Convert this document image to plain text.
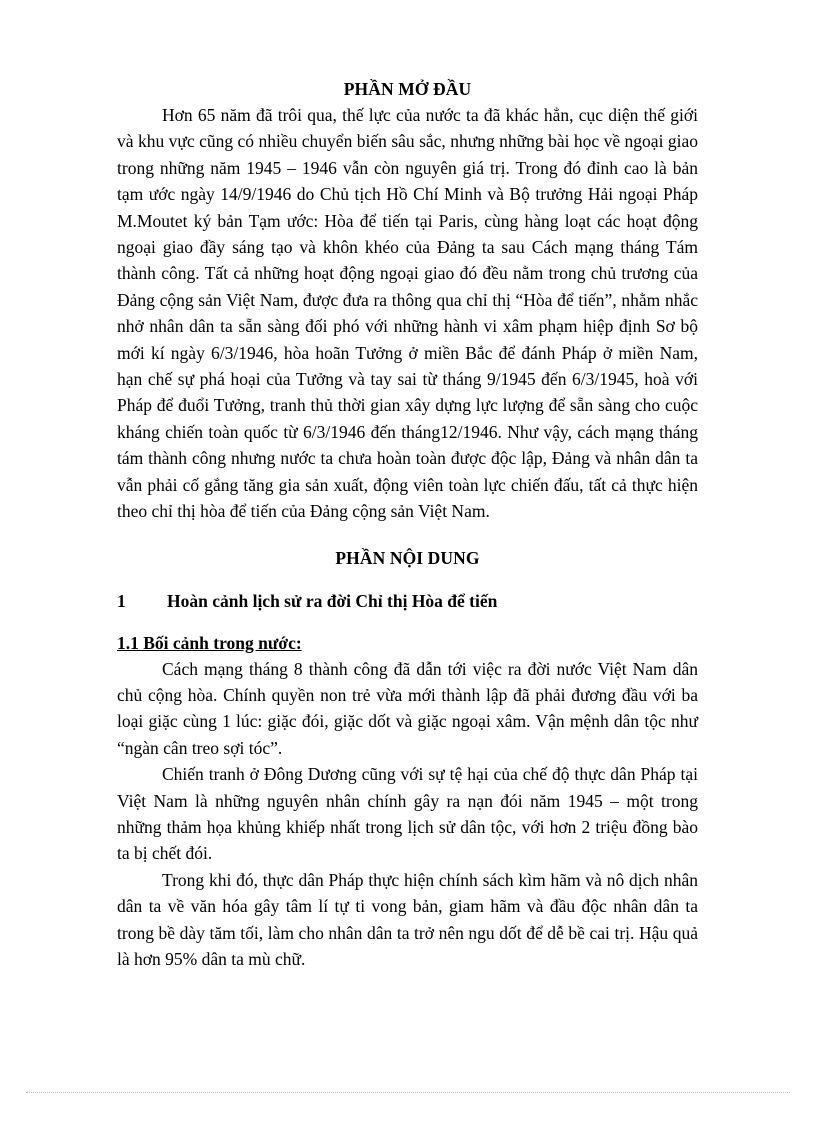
PHẦN MỞ ĐẦU

Hơn 65 năm đã trôi qua, thế lực của nước ta đã khác hẳn, cục diện thế giới và khu vực cũng có nhiều chuyển biến sâu sắc, nhưng những bài học về ngoại giao trong những năm 1945 – 1946 vẫn còn nguyên giá trị. Trong đó đỉnh cao là bản tạm ước ngày 14/9/1946 do Chủ tịch Hồ Chí Minh và Bộ trưởng Hải ngoại Pháp M.Moutet ký bản Tạm ước: Hòa để tiến tại Paris, cùng hàng loạt các hoạt động ngoại giao đầy sáng tạo và khôn khéo của Đảng ta sau Cách mạng tháng Tám thành công. Tất cả những hoạt động ngoại giao đó đều nằm trong chủ trương của Đảng cộng sản Việt Nam, được đưa ra thông qua chỉ thị “Hòa để tiến”, nhằm nhắc nhở nhân dân ta sẵn sàng đối phó với những hành vi xâm phạm hiệp định Sơ bộ mới kí ngày 6/3/1946, hòa hoãn Tưởng ở miền Bắc để đánh Pháp ở miền Nam, hạn chế sự phá hoại của Tưởng và tay sai từ tháng 9/1945 đến 6/3/1945, hoà với Pháp để đuổi Tưởng, tranh thủ thời gian xây dựng lực lượng để sẵn sàng cho cuộc kháng chiến toàn quốc từ 6/3/1946 đến tháng12/1946. Như vậy, cách mạng tháng tám thành công nhưng nước ta chưa hoàn toàn được độc lập, Đảng và nhân dân ta vẫn phải cố gắng tăng gia sản xuất, động viên toàn lực chiến đấu, tất cả thực hiện theo chỉ thị hòa để tiến của Đảng cộng sản Việt Nam.

PHẦN NỘI DUNG
1	Hoàn cảnh lịch sử ra đời Chỉ thị Hòa để tiến
1.1 Bối cảnh trong nước:

Cách mạng tháng 8 thành công đã dẫn tới việc ra đời nước Việt Nam dân chủ cộng hòa. Chính quyền non trẻ vừa mới thành lập đã phải đương đầu với ba loại giặc cùng 1 lúc: giặc đói, giặc dốt và giặc ngoại xâm. Vận mệnh dân tộc như “ngàn cân treo sợi tóc”.

Chiến tranh ở Đông Dương cũng với sự tệ hại của chế độ thực dân Pháp tại Việt Nam là những nguyên nhân chính gây ra nạn đói năm 1945 – một trong những thảm họa khủng khiếp nhất trong lịch sử dân tộc, với hơn 2 triệu đồng bào ta bị chết đói.

Trong khi đó, thực dân Pháp thực hiện chính sách kìm hãm và nô dịch nhân dân ta về văn hóa gây tâm lí tự ti vong bản, giam hãm và đầu độc nhân dân ta trong bề dày tăm tối, làm cho nhân dân ta trở nên ngu dốt để dễ bề cai trị. Hậu quả là hơn 95% dân ta mù chữ.
